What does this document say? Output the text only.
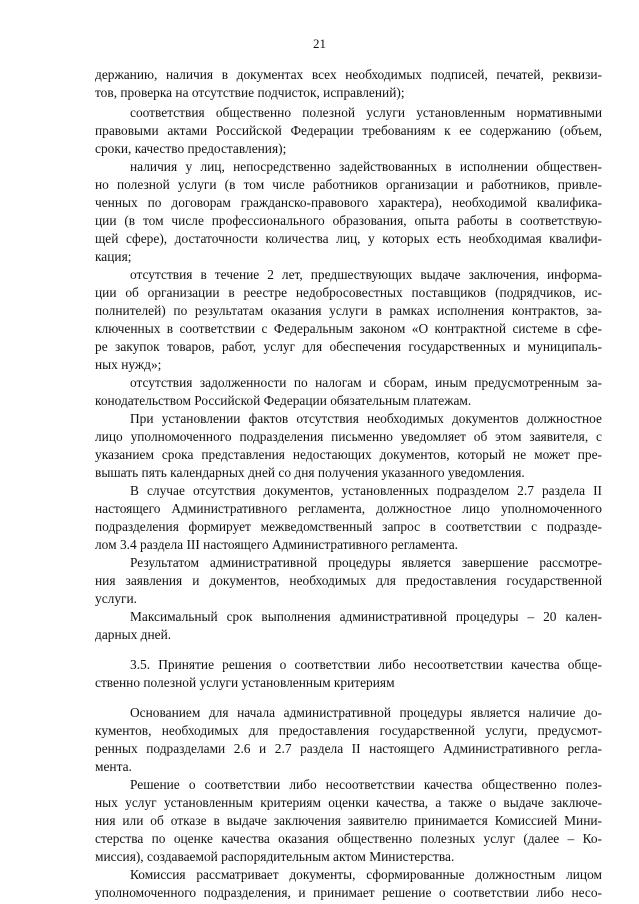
21
держанию, наличия в документах всех необходимых подписей, печатей, реквизи-
тов, проверка на отсутствие подчисток, исправлений);
соответствия общественно полезной услуги установленным нормативными
правовыми актами Российской Федерации требованиям к ее содержанию (объем,
сроки, качество предоставления);
наличия у лиц, непосредственно задействованных в исполнении обществен-
но полезной услуги (в том числе работников организации и работников, привле-
ченных по договорам гражданско-правового характера), необходимой квалифика-
ции (в том числе профессионального образования, опыта работы в соответствую-
щей сфере), достаточности количества лиц, у которых есть необходимая квалифи-
кация;
отсутствия в течение 2 лет, предшествующих выдаче заключения, информа-
ции об организации в реестре недобросовестных поставщиков (подрядчиков, ис-
полнителей) по результатам оказания услуги в рамках исполнения контрактов, за-
ключенных в соответствии с Федеральным законом «О контрактной системе в сфе-
ре закупок товаров, работ, услуг для обеспечения государственных и муниципаль-
ных нужд»;
отсутствия задолженности по налогам и сборам, иным предусмотренным за-
конодательством Российской Федерации обязательным платежам.
При установлении фактов отсутствия необходимых документов должностное
лицо уполномоченного подразделения письменно уведомляет об этом заявителя, с
указанием срока представления недостающих документов, который не может пре-
вышать пять календарных дней со дня получения указанного уведомления.
В случае отсутствия документов, установленных подразделом 2.7 раздела II
настоящего Административного регламента, должностное лицо уполномоченного
подразделения формирует межведомственный запрос в соответствии с подразде-
лом 3.4 раздела III настоящего Административного регламента.
Результатом административной процедуры является завершение рассмотре-
ния заявления и документов, необходимых для предоставления государственной
услуги.
Максимальный срок выполнения административной процедуры – 20 кален-
дарных дней.
3.5. Принятие решения о соответствии либо несоответствии качества обще-
ственно полезной услуги установленным критериям
Основанием для начала административной процедуры является наличие до-
кументов, необходимых для предоставления государственной услуги, предусмот-
ренных подразделами 2.6 и 2.7 раздела II настоящего Административного регла-
мента.
Решение о соответствии либо несоответствии качества общественно полез-
ных услуг установленным критериям оценки качества, а также о выдаче заключе-
ния или об отказе в выдаче заключения заявителю принимается Комиссией Мини-
стерства по оценке качества оказания общественно полезных услуг (далее – Ко-
миссия), создаваемой распорядительным актом Министерства.
Комиссия рассматривает документы, сформированные должностным лицом
уполномоченного подразделения, и принимает решение о соответствии либо несо-
